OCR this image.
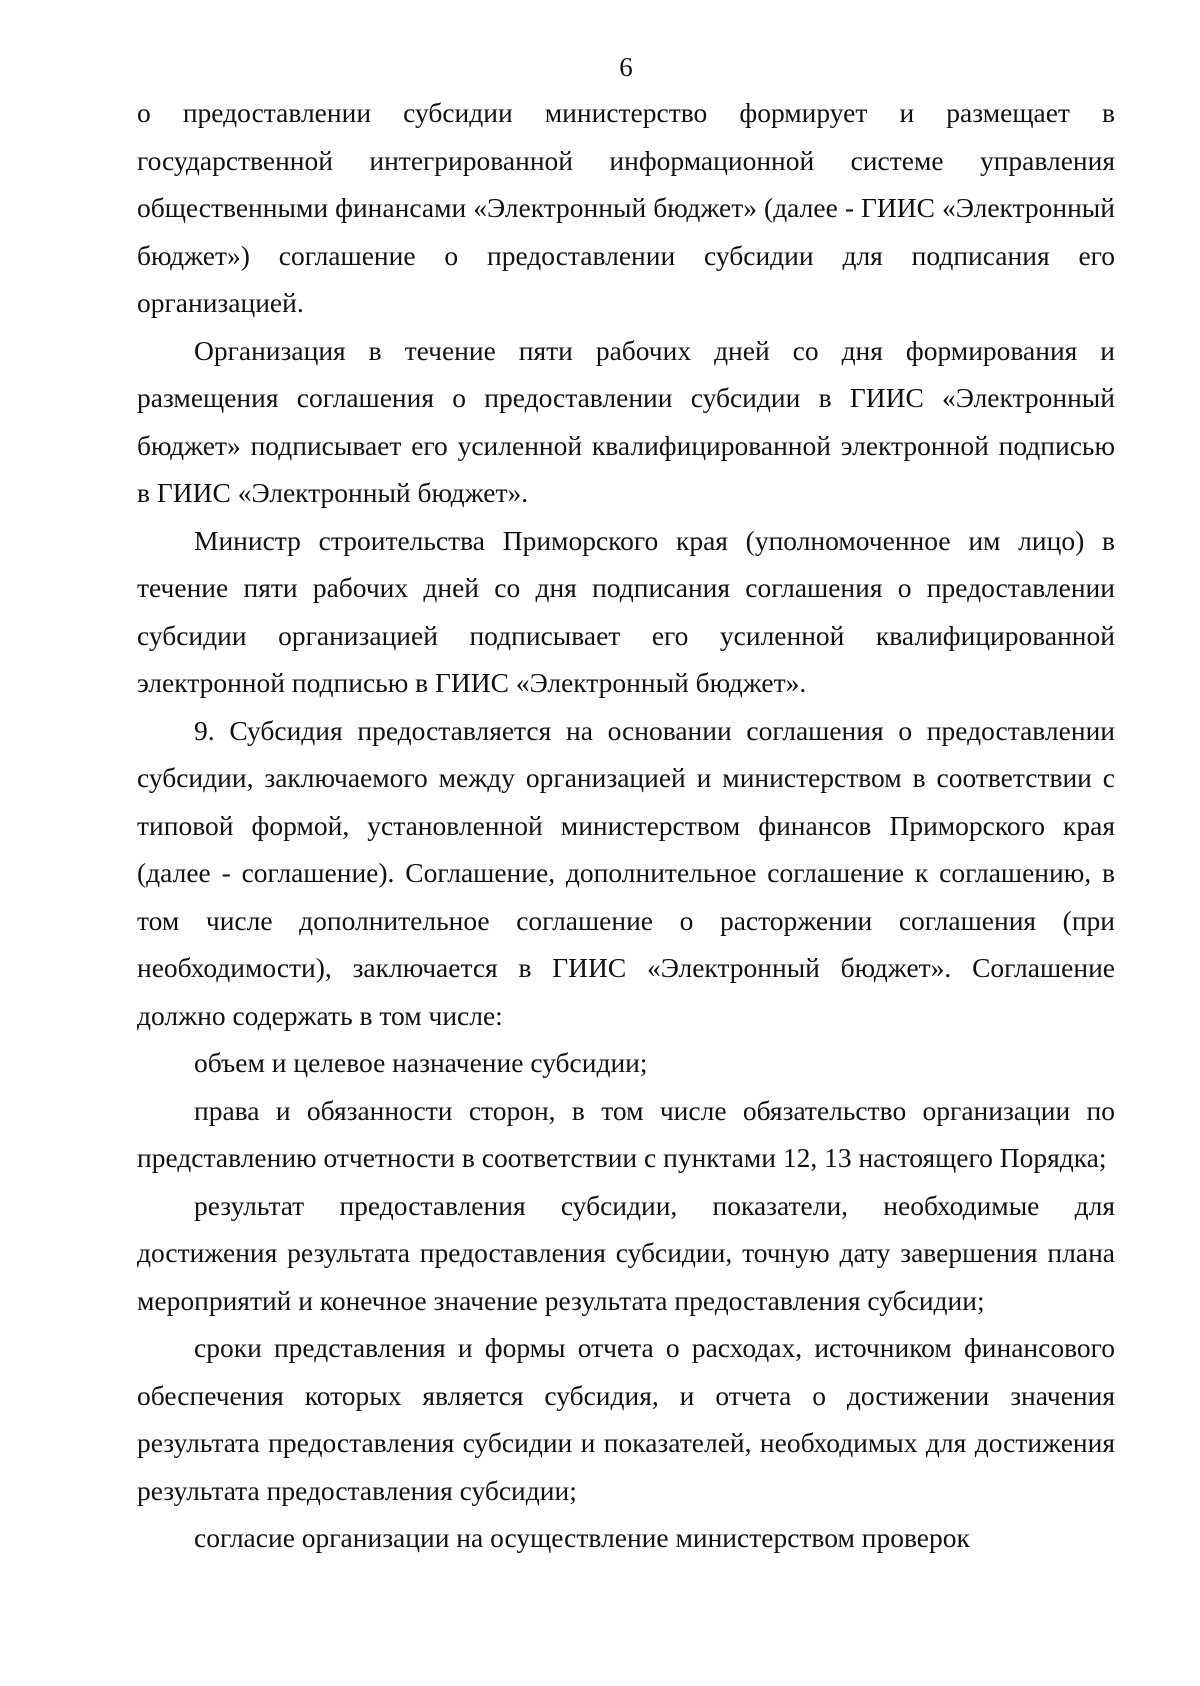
6

о предоставлении субсидии министерство формирует и размещает в государственной интегрированной информационной системе управления общественными финансами «Электронный бюджет» (далее - ГИИС «Электронный бюджет») соглашение о предоставлении субсидии для подписания его организацией.

Организация в течение пяти рабочих дней со дня формирования и размещения соглашения о предоставлении субсидии в ГИИС «Электронный бюджет» подписывает его усиленной квалифицированной электронной подписью в ГИИС «Электронный бюджет».

Министр строительства Приморского края (уполномоченное им лицо) в течение пяти рабочих дней со дня подписания соглашения о предоставлении субсидии организацией подписывает его усиленной квалифицированной электронной подписью в ГИИС «Электронный бюджет».

9. Субсидия предоставляется на основании соглашения о предоставлении субсидии, заключаемого между организацией и министерством в соответствии с типовой формой, установленной министерством финансов Приморского края (далее - соглашение). Соглашение, дополнительное соглашение к соглашению, в том числе дополнительное соглашение о расторжении соглашения (при необходимости), заключается в ГИИС «Электронный бюджет». Соглашение должно содержать в том числе:

объем и целевое назначение субсидии;

права и обязанности сторон, в том числе обязательство организации по представлению отчетности в соответствии с пунктами 12, 13 настоящего Порядка;

результат предоставления субсидии, показатели, необходимые для достижения результата предоставления субсидии, точную дату завершения плана мероприятий и конечное значение результата предоставления субсидии;

сроки представления и формы отчета о расходах, источником финансового обеспечения которых является субсидия, и отчета о достижении значения результата предоставления субсидии и показателей, необходимых для достижения результата предоставления субсидии;

согласие организации на осуществление министерством проверок
